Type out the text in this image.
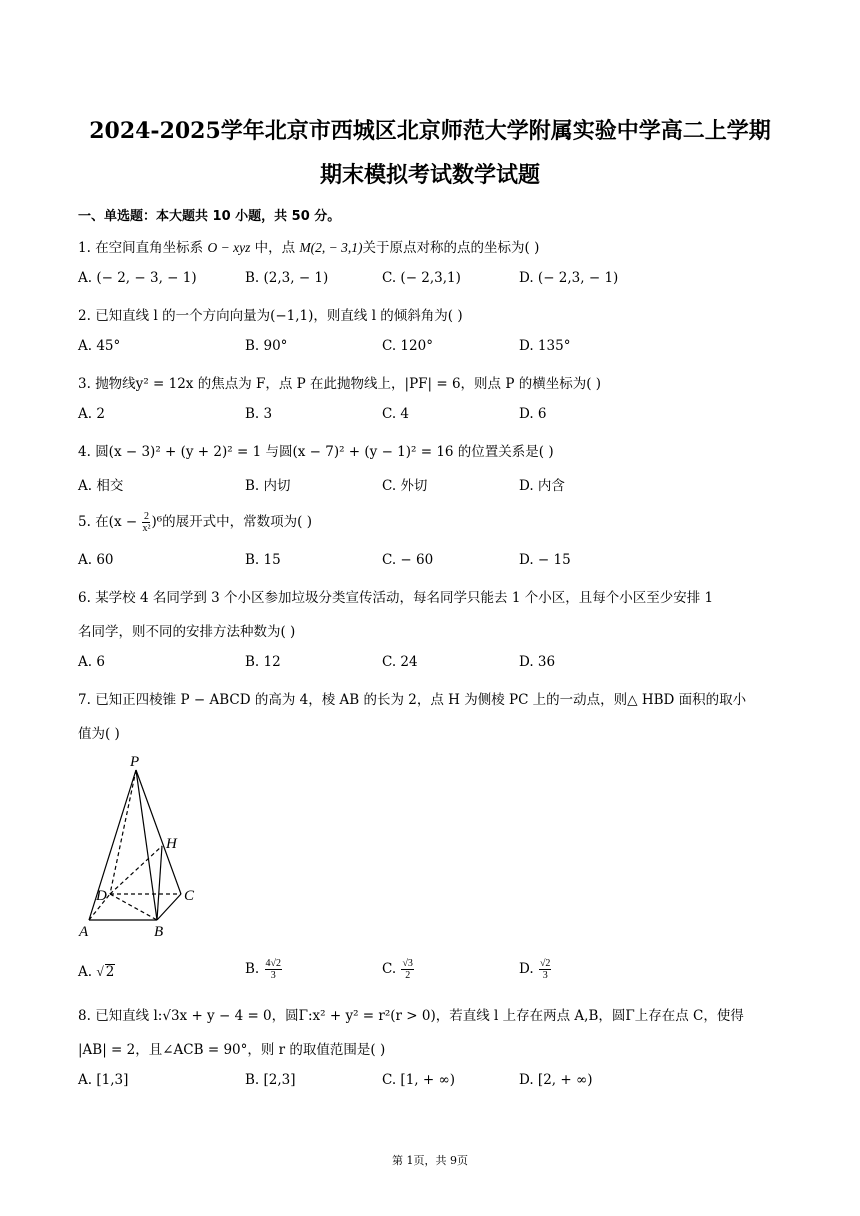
2024-2025学年北京市西城区北京师范大学附属实验中学高二上学期
期末模拟考试数学试题
一、单选题：本大题共 10 小题，共 50 分。
1. 在空间直角坐标系 O − xyz 中，点 M(2, − 3,1)关于原点对称的点的坐标为( )
A. (− 2, − 3, − 1)	B. (2,3, − 1)	C. (− 2,3,1)	D. (− 2,3, − 1)
2. 已知直线 l 的一个方向向量为(−1,1)，则直线 l 的倾斜角为( )
A. 45°	B. 90°	C. 120°	D. 135°
3. 抛物线y² = 12x 的焦点为 F，点 P 在此抛物线上，|PF| = 6，则点 P 的横坐标为( )
A. 2	B. 3	C. 4	D. 6
4. 圆(x − 3)² + (y + 2)² = 1 与圆(x − 7)² + (y − 1)² = 16 的位置关系是( )
A. 相交	B. 内切	C. 外切	D. 内含
5. 在$(x - \frac{2}{\text{x²}} )^6$的展开式中，常数项为( )
A. 60	B. 15	C. − 60	D. − 15
6. 某学校 4 名同学到 3 个小区参加垃圾分类宣传活动，每名同学只能去 1 个小区，且每个小区至少安排 1
名同学，则不同的安排方法种数为( )
A. 6	B. 12	C. 24	D. 36
7. 已知正四棱锥 P − ABCD 的高为 4，棱 AB 的长为 2，点 H 为侧棱 PC 上的一动点，则△ HBD 面积的取小
值为( )
P
H
D	C
A	B
A. √ 2	B. $\frac{4√2}{3}$	C. $\frac{√3}{2}$	D. $\frac{√2}{3}$
8. 已知直线 l:√3x + y − 4 = 0，圆Γ:x² + y² = r²(r > 0)，若直线 l 上存在两点 A,B，圆Γ上存在点 C，使得
|AB| = 2，且∠ACB = 90°，则 r 的取值范围是( )
A. [1,3]	B. [2,3]	C. [1, + ∞)	D. [2, + ∞)
第 1页，共 9页
